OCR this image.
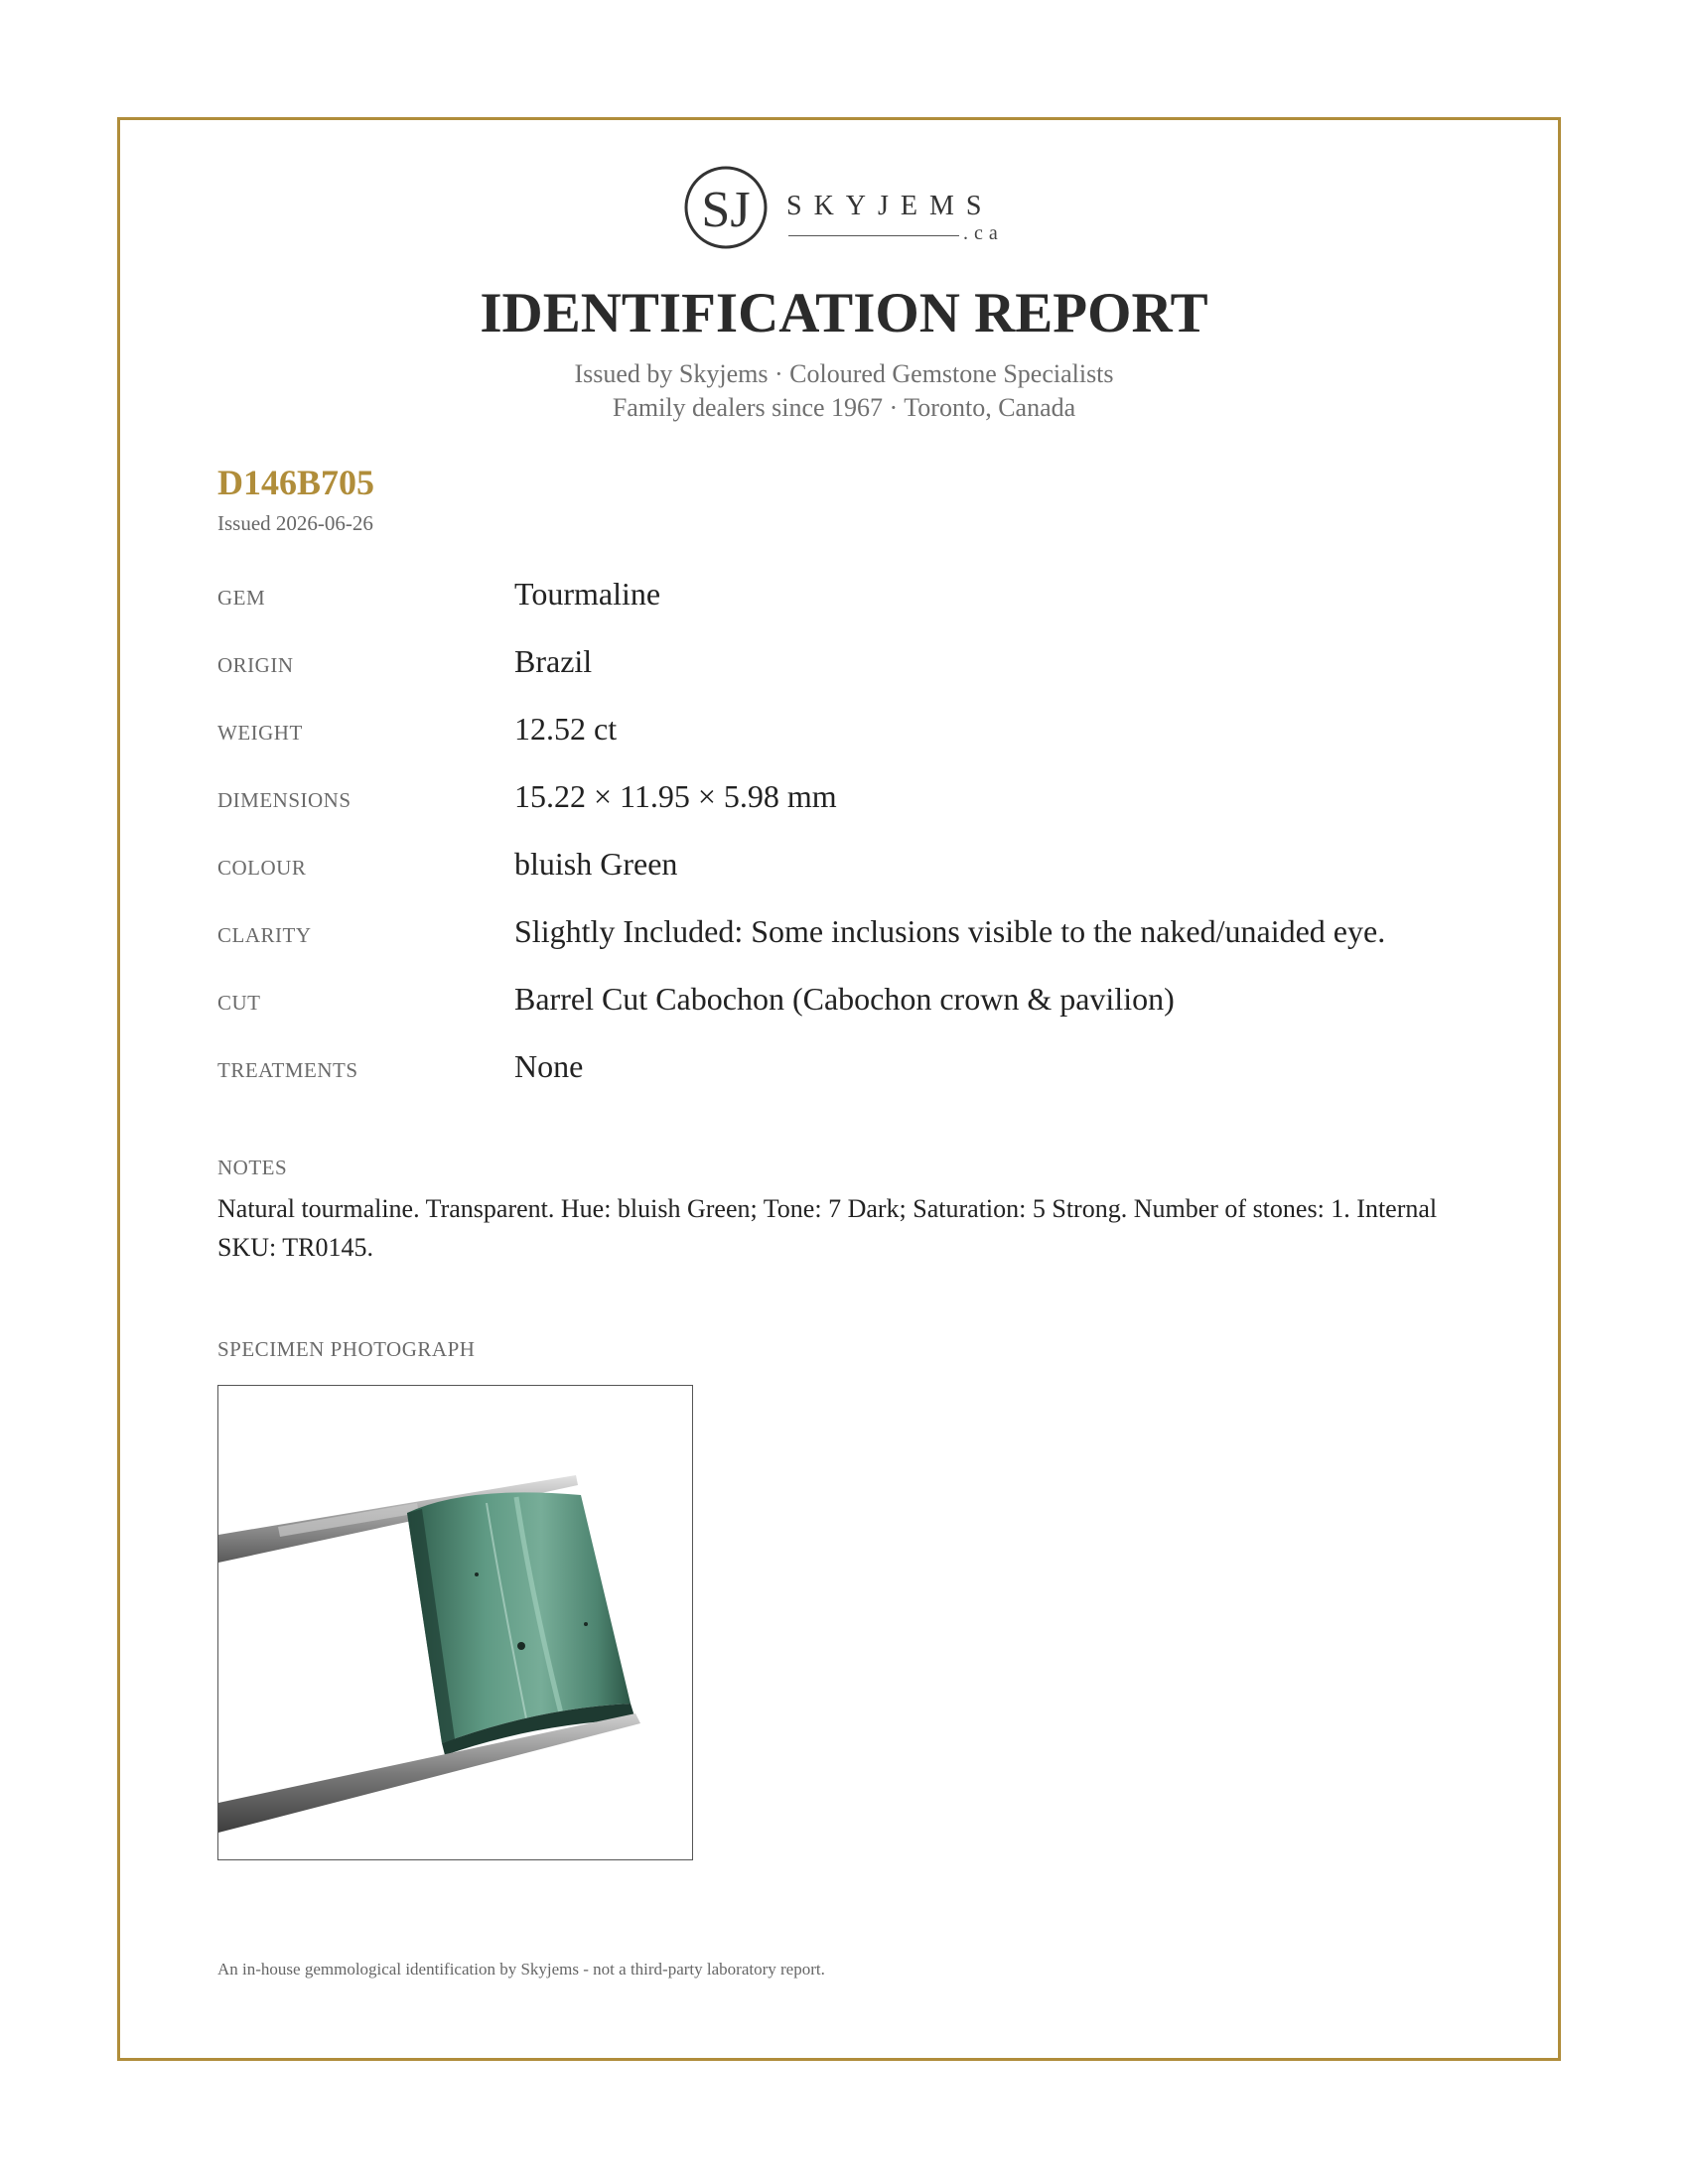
SJ SKYJEMS
.ca
IDENTIFICATION REPORT
Issued by Skyjems · Coloured Gemstone Specialists
Family dealers since 1967 · Toronto, Canada
D146B705
Issued 2026-06-26
GEM	Tourmaline
ORIGIN	Brazil
WEIGHT	12.52 ct
DIMENSIONS	15.22 × 11.95 × 5.98 mm
COLOUR	bluish Green
CLARITY	Slightly Included: Some inclusions visible to the naked/unaided eye.
CUT	Barrel Cut Cabochon (Cabochon crown & pavilion)
TREATMENTS	None
NOTES
Natural tourmaline. Transparent. Hue: bluish Green; Tone: 7 Dark; Saturation: 5 Strong. Number of stones: 1. Internal SKU: TR0145.
SPECIMEN PHOTOGRAPH
An in-house gemmological identification by Skyjems - not a third-party laboratory report.
